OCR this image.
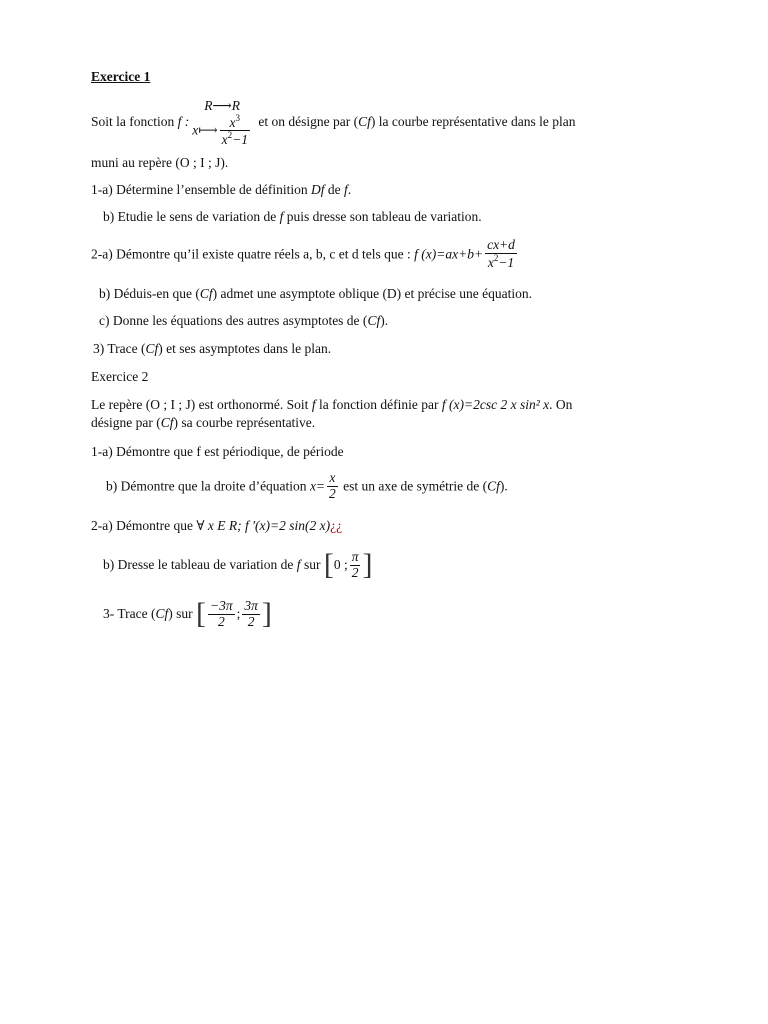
Exercice 1
Soit la fonction f :
R⟶R
x⟼ $\frac{x^3}{x^2-1}$ et on désigne par (Cf) la courbe représentative dans le plan
muni au repère (O ; I ; J).
1-a) Détermine l’ensemble de définition Df de f.
b) Etudie le sens de variation de f puis dresse son tableau de variation.
2-a) Démontre qu’il existe quatre réels a, b, c et d tels que : f $(x)=ax+b+ \frac{cx+d}{x^2-1}$
b) Déduis-en que (Cf) admet une asymptote oblique (D) et précise une équation.
c) Donne les équations des autres asymptotes de (Cf).
3) Trace (Cf) et ses asymptotes dans le plan.
Exercice 2
Le repère (O ; I ; J) est orthonormé. Soit f la fonction définie par f (x)=2csc 2 x sin² x. On
désigne par (Cf) sa courbe représentative.
1-a) Démontre que f est périodique, de période
b) Démontre que la droite d’équation $x= \frac{x}{2}$ est un axe de symétrie de (Cf).
2-a) Démontre que ∀ x E R; f ′(x)=2 sin(2 x)¿¿
b) Dresse le tableau de variation de f sur [0 ; $\frac{\pi}{2}$ ]
3- Trace (Cf) sur [ $\frac{-3\pi}{2}$ ; $\frac{3\pi}{2}$ ]
